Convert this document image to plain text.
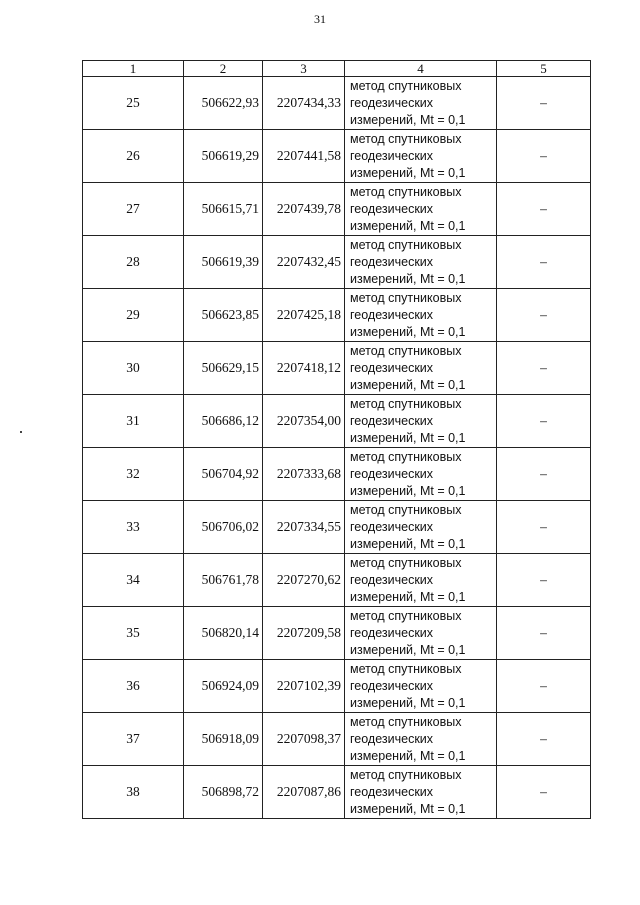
31
1	2	3	4	5
25	506622,93	2207434,33	метод спутниковых
геодезических
измерений, Mt = 0,1	–
26	506619,29	2207441,58	метод спутниковых
геодезических
измерений, Mt = 0,1	–
27	506615,71	2207439,78	метод спутниковых
геодезических
измерений, Mt = 0,1	–
28	506619,39	2207432,45	метод спутниковых
геодезических
измерений, Mt = 0,1	–
29	506623,85	2207425,18	метод спутниковых
геодезических
измерений, Mt = 0,1	–
30	506629,15	2207418,12	метод спутниковых
геодезических
измерений, Mt = 0,1	–
31	506686,12	2207354,00	метод спутниковых
геодезических
измерений, Mt = 0,1	–
32	506704,92	2207333,68	метод спутниковых
геодезических
измерений, Mt = 0,1	–
33	506706,02	2207334,55	метод спутниковых
геодезических
измерений, Mt = 0,1	–
34	506761,78	2207270,62	метод спутниковых
геодезических
измерений, Mt = 0,1	–
35	506820,14	2207209,58	метод спутниковых
геодезических
измерений, Mt = 0,1	–
36	506924,09	2207102,39	метод спутниковых
геодезических
измерений, Mt = 0,1	–
37	506918,09	2207098,37	метод спутниковых
геодезических
измерений, Mt = 0,1	–
38	506898,72	2207087,86	метод спутниковых
геодезических
измерений, Mt = 0,1	–
